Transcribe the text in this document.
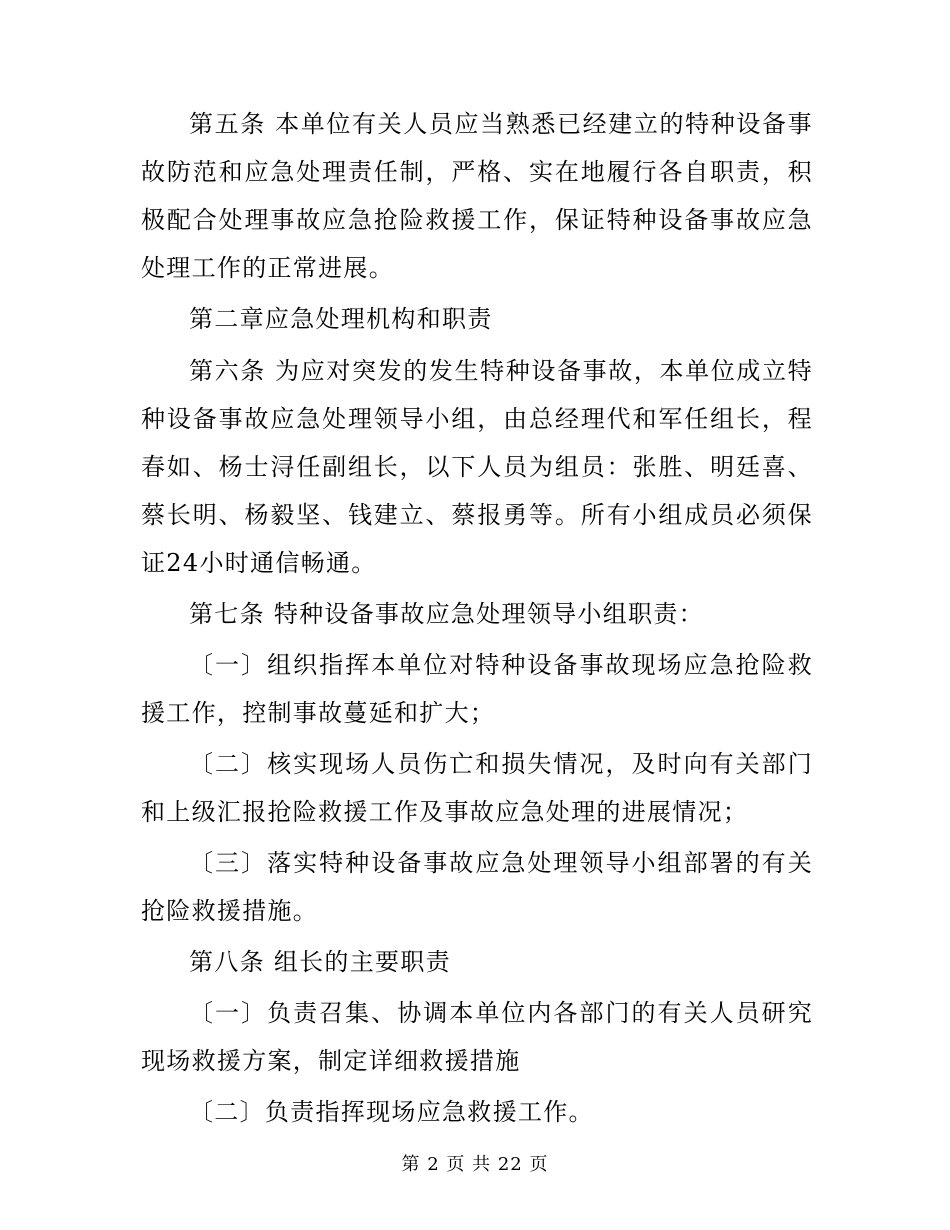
第五条 本单位有关人员应当熟悉已经建立的特种设备事故防范和应急处理责任制，严格、实在地履行各自职责，积极配合处理事故应急抢险救援工作，保证特种设备事故应急处理工作的正常进展。

第二章应急处理机构和职责

第六条 为应对突发的发生特种设备事故，本单位成立特种设备事故应急处理领导小组，由总经理代和军任组长，程春如、杨士浔任副组长，以下人员为组员：张胜、明廷喜、蔡长明、杨毅坚、钱建立、蔡报勇等。所有小组成员必须保证24小时通信畅通。

第七条 特种设备事故应急处理领导小组职责：

〔一〕组织指挥本单位对特种设备事故现场应急抢险救援工作，控制事故蔓延和扩大；

〔二〕核实现场人员伤亡和损失情况，及时向有关部门和上级汇报抢险救援工作及事故应急处理的进展情况；

〔三〕落实特种设备事故应急处理领导小组部署的有关抢险救援措施。

第八条 组长的主要职责

〔一〕负责召集、协调本单位内各部门的有关人员研究现场救援方案，制定详细救援措施

〔二〕负责指挥现场应急救援工作。

第 2 页 共 22 页
